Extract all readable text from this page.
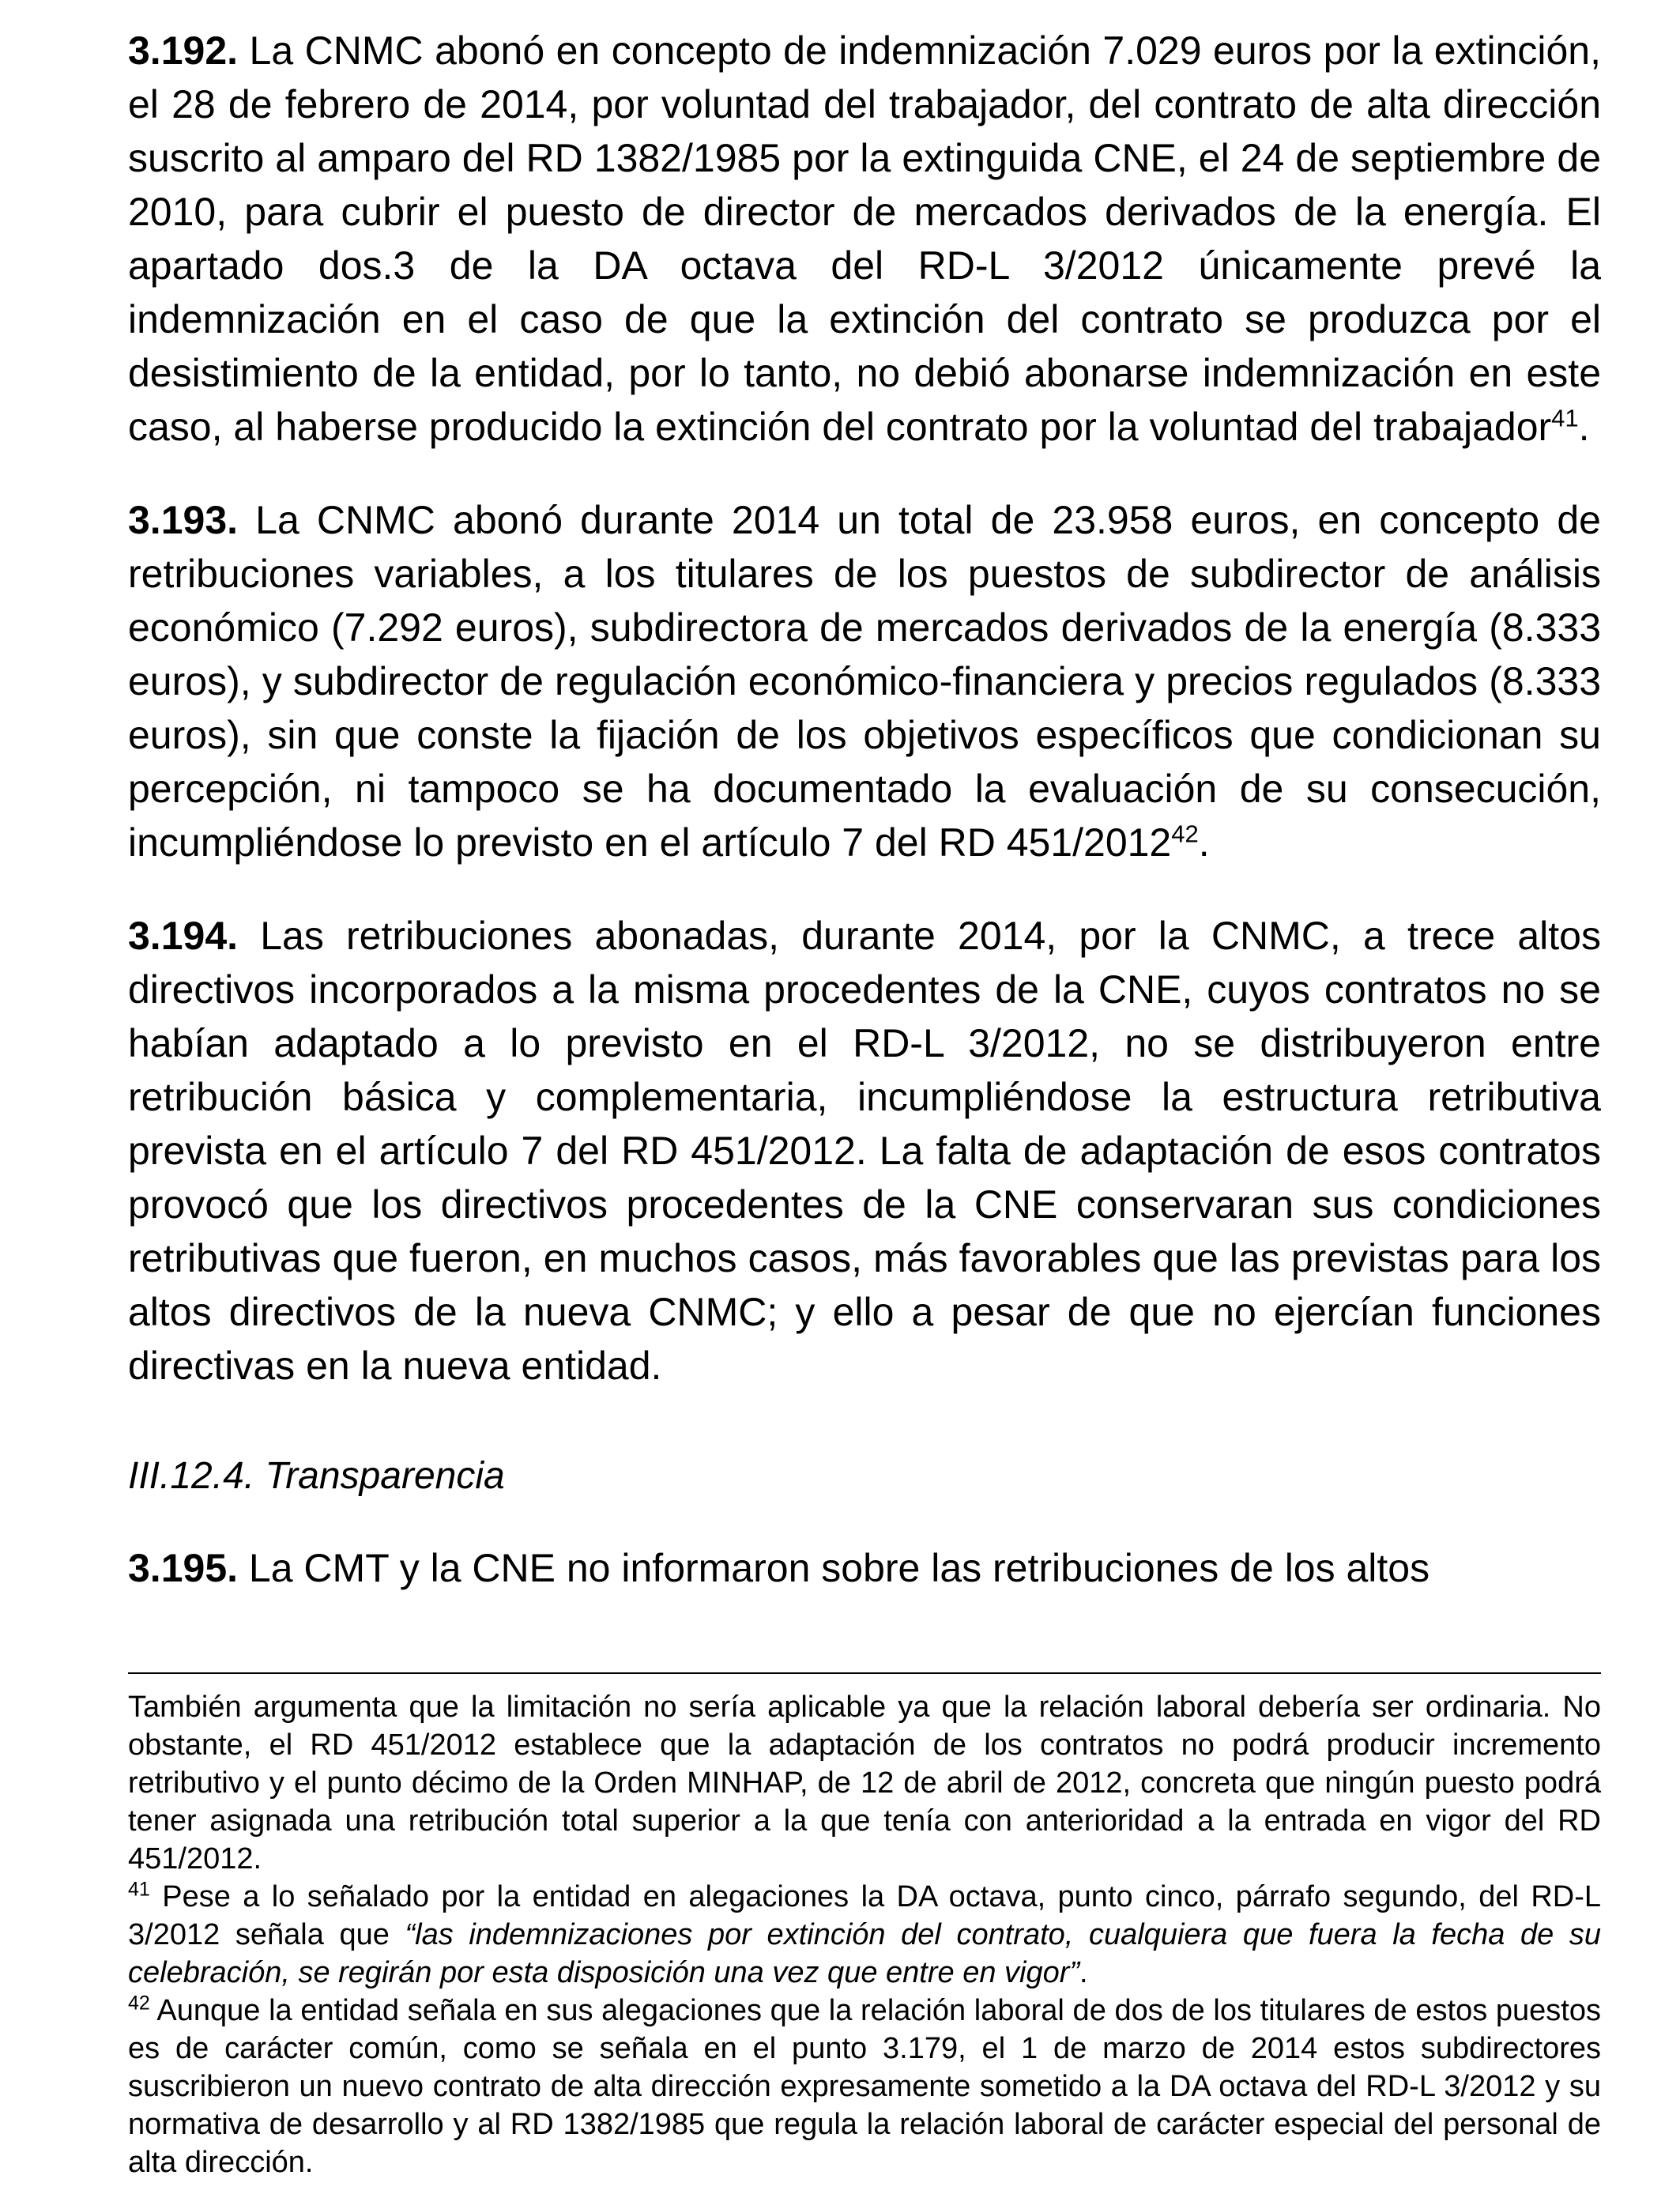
3.192. La CNMC abonó en concepto de indemnización 7.029 euros por la extinción, el 28 de febrero de 2014, por voluntad del trabajador, del contrato de alta dirección suscrito al amparo del RD 1382/1985 por la extinguida CNE, el 24 de septiembre de 2010, para cubrir el puesto de director de mercados derivados de la energía. El apartado dos.3 de la DA octava del RD-L 3/2012 únicamente prevé la indemnización en el caso de que la extinción del contrato se produzca por el desistimiento de la entidad, por lo tanto, no debió abonarse indemnización en este caso, al haberse producido la extinción del contrato por la voluntad del trabajador$^{41}$.

3.193. La CNMC abonó durante 2014 un total de 23.958 euros, en concepto de retribuciones variables, a los titulares de los puestos de subdirector de análisis económico (7.292 euros), subdirectora de mercados derivados de la energía (8.333 euros), y subdirector de regulación económico-financiera y precios regulados (8.333 euros), sin que conste la fijación de los objetivos específicos que condicionan su percepción, ni tampoco se ha documentado la evaluación de su consecución, incumpliéndose lo previsto en el artículo 7 del RD 451/2012$^{42}$.

3.194. Las retribuciones abonadas, durante 2014, por la CNMC, a trece altos directivos incorporados a la misma procedentes de la CNE, cuyos contratos no se habían adaptado a lo previsto en el RD-L 3/2012, no se distribuyeron entre retribución básica y complementaria, incumpliéndose la estructura retributiva prevista en el artículo 7 del RD 451/2012. La falta de adaptación de esos contratos provocó que los directivos procedentes de la CNE conservaran sus condiciones retributivas que fueron, en muchos casos, más favorables que las previstas para los altos directivos de la nueva CNMC; y ello a pesar de que no ejercían funciones directivas en la nueva entidad.

III.12.4. Transparencia

3.195. La CMT y la CNE no informaron sobre las retribuciones de los altos

También argumenta que la limitación no sería aplicable ya que la relación laboral debería ser ordinaria. No obstante, el RD 451/2012 establece que la adaptación de los contratos no podrá producir incremento retributivo y el punto décimo de la Orden MINHAP, de 12 de abril de 2012, concreta que ningún puesto podrá tener asignada una retribución total superior a la que tenía con anterioridad a la entrada en vigor del RD 451/2012.

$^{41}$ Pese a lo señalado por la entidad en alegaciones la DA octava, punto cinco, párrafo segundo, del RD-L 3/2012 señala que “las indemnizaciones por extinción del contrato, cualquiera que fuera la fecha de su celebración, se regirán por esta disposición una vez que entre en vigor”.

$^{42}$ Aunque la entidad señala en sus alegaciones que la relación laboral de dos de los titulares de estos puestos es de carácter común, como se señala en el punto 3.179, el 1 de marzo de 2014 estos subdirectores suscribieron un nuevo contrato de alta dirección expresamente sometido a la DA octava del RD-L 3/2012 y su normativa de desarrollo y al RD 1382/1985 que regula la relación laboral de carácter especial del personal de alta dirección.
